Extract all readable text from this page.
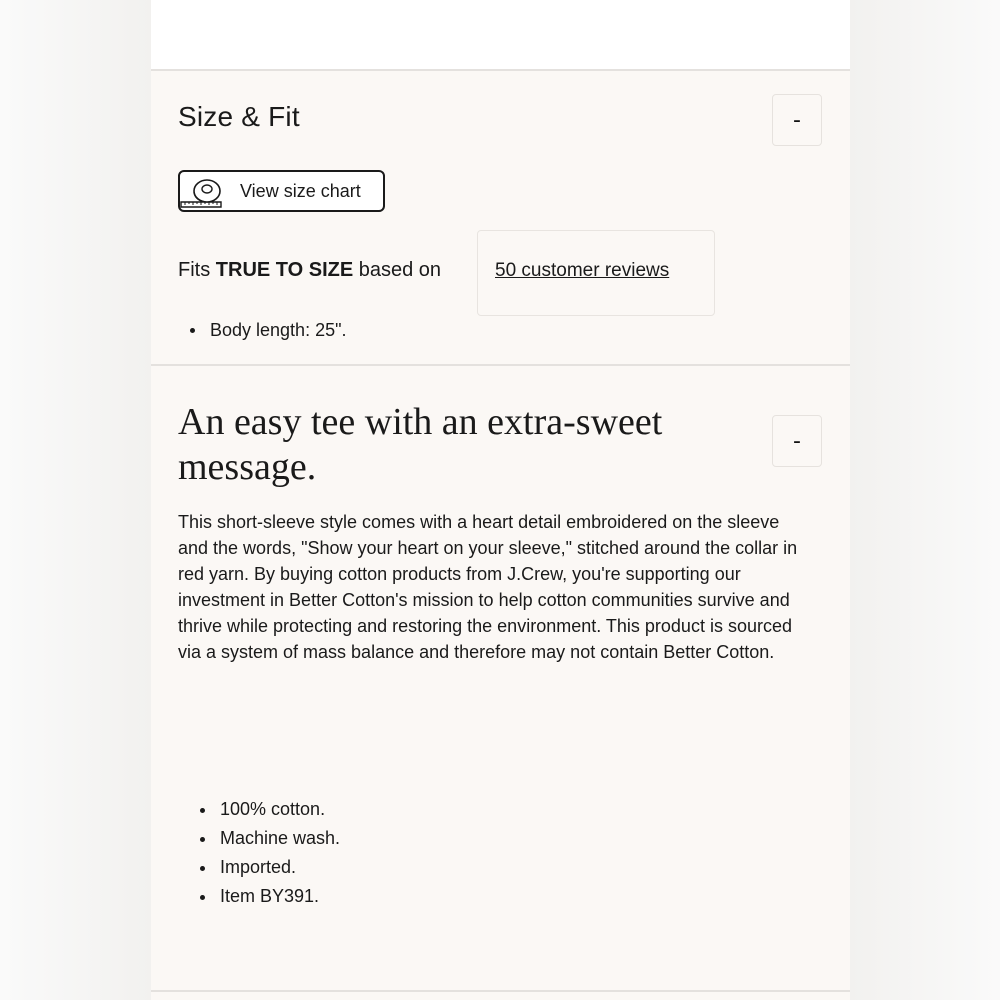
Size & Fit	-
View size chart
Fits TRUE TO SIZE based on	50 customer reviews
Body length: 25".
An easy tee with an extra-sweet message.
-

This short-sleeve style comes with a heart detail embroidered on the sleeve and the words, "Show your heart on your sleeve," stitched around the collar in red yarn. By buying cotton products from J.Crew, you're supporting our investment in Better Cotton's mission to help cotton communities survive and thrive while protecting and restoring the environment. This product is sourced via a system of mass balance and therefore may not contain Better Cotton.

100% cotton.
Machine wash.
Imported.
Item BY391.
